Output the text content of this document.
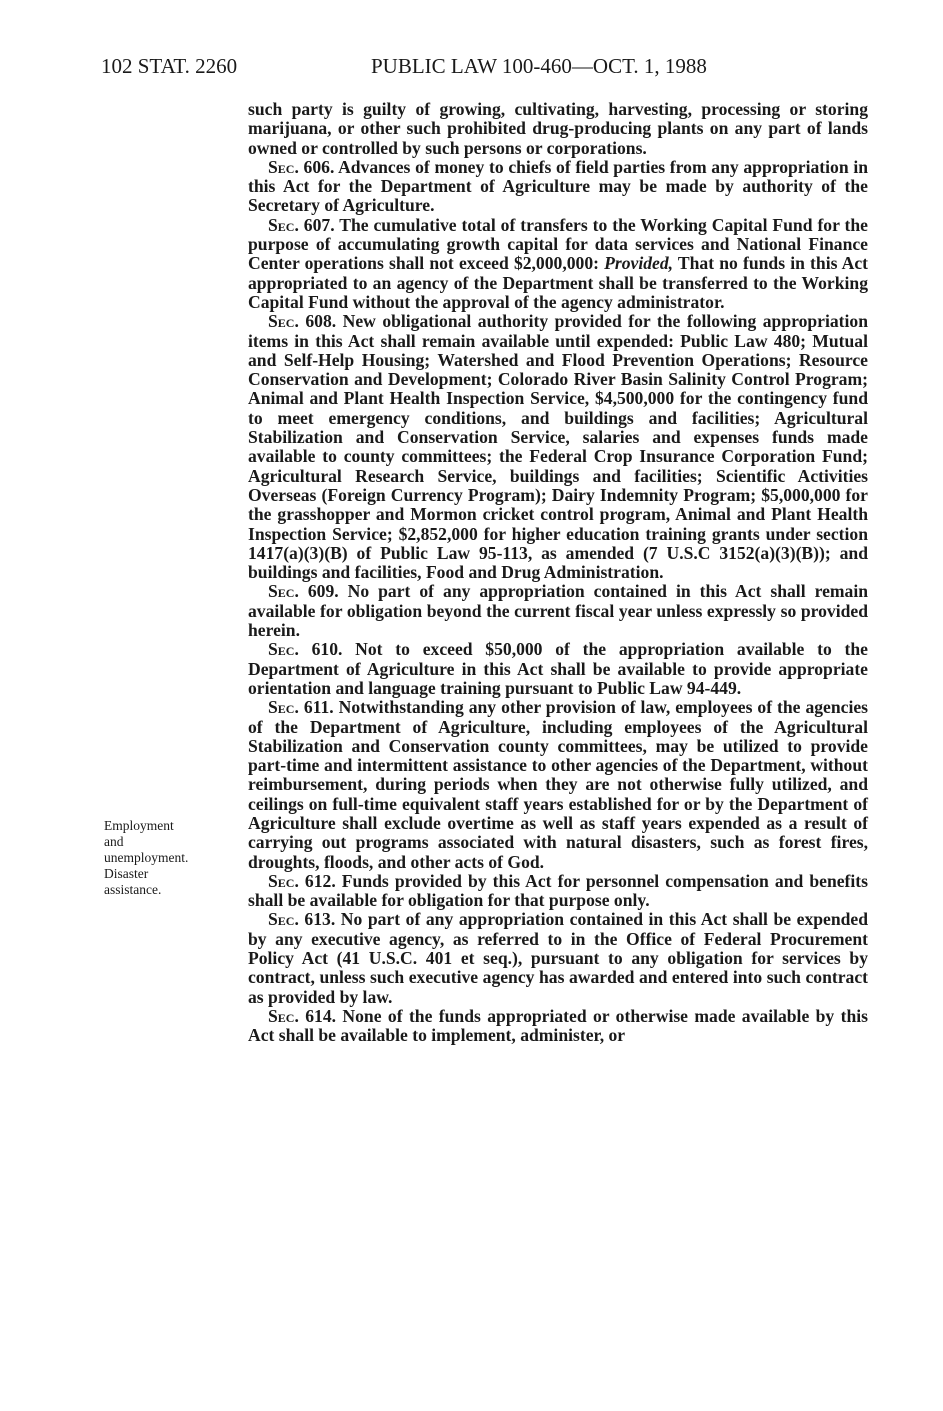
102 STAT. 2260	PUBLIC LAW 100-460—OCT. 1, 1988
Employment
and
unemployment.
Disaster
assistance.

such party is guilty of growing, cultivating, harvesting, processing or storing marijuana, or other such prohibited drug-producing plants on any part of lands owned or controlled by such persons or corporations.

Sec. 606. Advances of money to chiefs of field parties from any appropriation in this Act for the Department of Agriculture may be made by authority of the Secretary of Agriculture.

Sec. 607. The cumulative total of transfers to the Working Capital Fund for the purpose of accumulating growth capital for data services and National Finance Center operations shall not exceed $2,000,000: Provided, That no funds in this Act appropriated to an agency of the Department shall be transferred to the Working Capital Fund without the approval of the agency administrator.

Sec. 608. New obligational authority provided for the following appropriation items in this Act shall remain available until expended: Public Law 480; Mutual and Self-Help Housing; Watershed and Flood Prevention Operations; Resource Conservation and Development; Colorado River Basin Salinity Control Program; Animal and Plant Health Inspection Service, $4,500,000 for the contingency fund to meet emergency conditions, and buildings and facilities; Agricultural Stabilization and Conservation Service, salaries and expenses funds made available to county committees; the Federal Crop Insurance Corporation Fund; Agricultural Research Service, buildings and facilities; Scientific Activities Overseas (Foreign Currency Program); Dairy Indemnity Program; $5,000,000 for the grasshopper and Mormon cricket control program, Animal and Plant Health Inspection Service; $2,852,000 for higher education training grants under section 1417(a)(3)(B) of Public Law 95-113, as amended (7 U.S.C 3152(a)(3)(B)); and buildings and facilities, Food and Drug Administration.

Sec. 609. No part of any appropriation contained in this Act shall remain available for obligation beyond the current fiscal year unless expressly so provided herein.

Sec. 610. Not to exceed $50,000 of the appropriation available to the Department of Agriculture in this Act shall be available to provide appropriate orientation and language training pursuant to Public Law 94-449.

Sec. 611. Notwithstanding any other provision of law, employees of the agencies of the Department of Agriculture, including employees of the Agricultural Stabilization and Conservation county committees, may be utilized to provide part-time and intermittent assistance to other agencies of the Department, without reimbursement, during periods when they are not otherwise fully utilized, and ceilings on full-time equivalent staff years established for or by the Department of Agriculture shall exclude overtime as well as staff years expended as a result of carrying out programs associated with natural disasters, such as forest fires, droughts, floods, and other acts of God.

Sec. 612. Funds provided by this Act for personnel compensation and benefits shall be available for obligation for that purpose only.

Sec. 613. No part of any appropriation contained in this Act shall be expended by any executive agency, as referred to in the Office of Federal Procurement Policy Act (41 U.S.C. 401 et seq.), pursuant to any obligation for services by contract, unless such executive agency has awarded and entered into such contract as provided by law.

Sec. 614. None of the funds appropriated or otherwise made available by this Act shall be available to implement, administer, or
